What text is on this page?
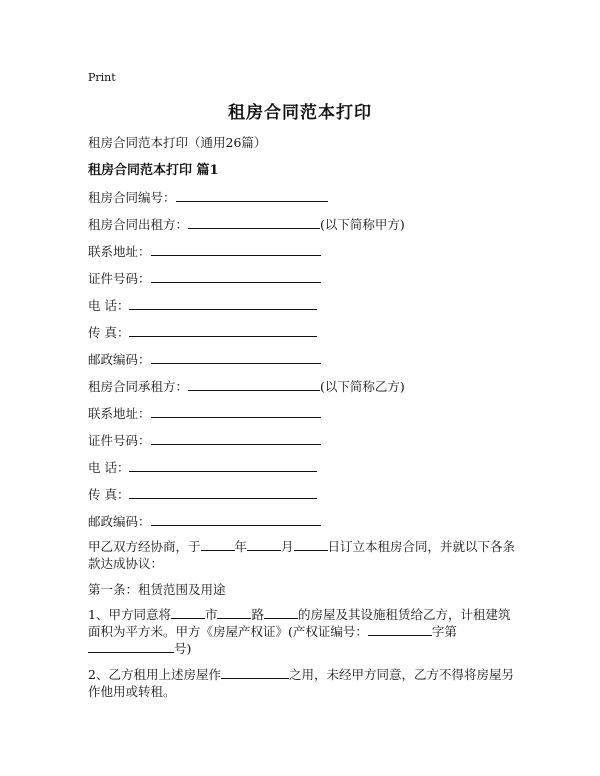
Print
租房合同范本打印
租房合同范本打印（通用26篇）
租房合同范本打印 篇1
租房合同编号：
租房合同出租方：	(以下简称甲方)
联系地址：
证件号码：
电 话：
传 真：
邮政编码：
租房合同承租方：	(以下简称乙方)
联系地址：
证件号码：
电 话：
传 真：
邮政编码：
甲乙双方经协商，于	年	月	日订立本租房合同，并就以下各条款达成协议：
第一条：租赁范围及用途
1、甲方同意将	市	路	的房屋及其设施租赁给乙方，计租建筑面积为平方米。甲方《房屋产权证》(产权证编号：	字第号)
2、乙方租用上述房屋作	之用，未经甲方同意，乙方不得将房屋另作他用或转租。
